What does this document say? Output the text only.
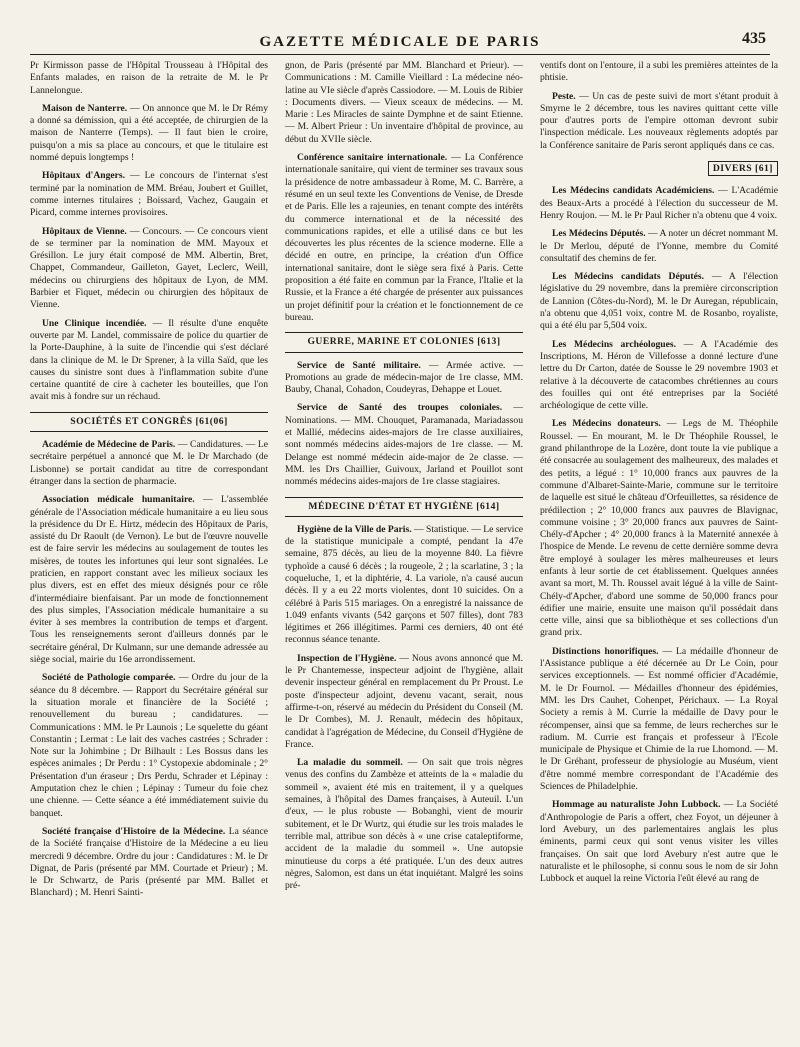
GAZETTE MÉDICALE DE PARIS	435

Pr Kirmisson passe de l'Hôpital Trousseau à l'Hôpital des Enfants malades, en raison de la retraite de M. le Pr Lannelongue.

Maison de Nanterre. — On annonce que M. le Dr Rémy a donné sa démission, qui a été acceptée, de chirurgien de la maison de Nanterre (Temps). — Il faut bien le croire, puisqu'on a mis sa place au concours, et que le titulaire est nommé depuis longtemps !

Hôpitaux d'Angers. — Le concours de l'internat s'est terminé par la nomination de MM. Bréau, Joubert et Guillet, comme internes titulaires ; Boissard, Vachez, Gaugain et Picard, comme internes provisoires.

Hôpitaux de Vienne. — Concours. — Ce concours vient de se terminer par la nomination de MM. Mayoux et Grésillon. Le jury était composé de MM. Albertin, Bret, Chappet, Commandeur, Gailleton, Gayet, Leclerc, Weill, médecins ou chirurgiens des hôpitaux de Lyon, de MM. Barbier et Fiquet, médecin ou chirurgien des hôpitaux de Vienne.

Une Clinique incendiée. — Il résulte d'une enquête ouverte par M. Landel, commissaire de police du quartier de la Porte-Dauphine, à la suite de l'incendie qui s'est déclaré dans la clinique de M. le Dr Sprener, à la villa Saïd, que les causes du sinistre sont dues à l'inflammation subite d'une certaine quantité de cire à cacheter les bouteilles, que l'on avait mis à fondre sur un réchaud.

SOCIÉTÉS ET CONGRÈS [61(06]

Académie de Médecine de Paris. — Candidatures. — Le secrétaire perpétuel a annoncé que M. le Dr Marchado (de Lisbonne) se portait candidat au titre de correspondant étranger dans la section de pharmacie.

Association médicale humanitaire. — L'assemblée générale de l'Association médicale humanitaire a eu lieu sous la présidence du Dr E. Hirtz, médecin des Hôpitaux de Paris, assisté du Dr Raoult (de Vernon). Le but de l'œuvre nouvelle est de faire servir les médecins au soulagement de toutes les misères, de toutes les infortunes qui leur sont signalées. Le praticien, en rapport constant avec les milieux sociaux les plus divers, est en effet des mieux désignés pour ce rôle d'intermédiaire bienfaisant. Par un mode de fonctionnement des plus simples, l'Association médicale humanitaire a su éviter à ses membres la contribution de temps et d'argent. Tous les renseignements seront d'ailleurs donnés par le secrétaire général, Dr Kulmann, sur une demande adressée au siège social, mairie du 16e arrondissement.

Société de Pathologie comparée. — Ordre du jour de la séance du 8 décembre. — Rapport du Secrétaire général sur la situation morale et financière de la Société ; renouvellement du bureau ; candidatures. — Communications : MM. le Pr Launois ; Le squelette du géant Constantin ; Lermat : Le lait des vaches castrées ; Schrader : Note sur la Johimbine ; Dr Bilhault : Les Bossus dans les espèces animales ; Dr Perdu : 1° Cystopexie abdominale ; 2° Présentation d'un éraseur ; Drs Perdu, Schrader et Lépinay : Amputation chez le chien ; Lépinay : Tumeur du foie chez une chienne. — Cette séance a été immédiatement suivie du banquet.

Société française d'Histoire de la Médecine. La séance de la Société française d'Histoire de la Médecine a eu lieu mercredi 9 décembre. Ordre du jour : Candidatures : M. le Dr Dignat, de Paris (présenté par MM. Courtade et Prieur) ; M. le Dr Schwartz, de Paris (présenté par MM. Ballet et Blanchard) ; M. Henri Sainti-

gnon, de Paris (présenté par MM. Blanchard et Prieur). — Communications : M. Camille Vieillard : La médecine néo-latine au VIe siècle d'après Cassiodore. — M. Louis de Ribier : Documents divers. — Vieux sceaux de médecins. — M. Marie : Les Miracles de sainte Dymphne et de saint Etienne. — M. Albert Prieur : Un inventaire d'hôpital de province, au début du XVIIe siècle.

Conférence sanitaire internationale. — La Conférence internationale sanitaire, qui vient de terminer ses travaux sous la présidence de notre ambassadeur à Rome, M. C. Barrère, a résumé en un seul texte les Conventions de Venise, de Dresde et de Paris. Elle les a rajeunies, en tenant compte des intérêts du commerce international et de la nécessité des communications rapides, et elle a utilisé dans ce but les découvertes les plus récentes de la science moderne. Elle a décidé en outre, en principe, la création d'un Office international sanitaire, dont le siège sera fixé à Paris. Cette proposition a été faite en commun par la France, l'Italie et la Russie, et la France a été chargée de présenter aux puissances un projet définitif pour la création et le fonctionnement de ce bureau.

GUERRE, MARINE ET COLONIES [613]

Service de Santé militaire. — Armée active. — Promotions au grade de médecin-major de 1re classe, MM. Bauby, Chanal, Cohadon, Coudeyras, Dehappe et Louet.

Service de Santé des troupes coloniales. — Nominations. — MM. Chouquet, Paramanada, Mariadassou et Mallié, médecins aides-majors de 1re classe auxiliaires, sont nommés médecins aides-majors de 1re classe. — M. Delange est nommé médecin aide-major de 2e classe. — MM. les Drs Chaillier, Guivoux, Jarland et Pouillot sont nommés médecins aides-majors de 1re classe stagiaires.

MÉDECINE D'ÉTAT ET HYGIÈNE [614]

Hygiène de la Ville de Paris. — Statistique. — Le service de la statistique municipale a compté, pendant la 47e semaine, 875 décès, au lieu de la moyenne 840. La fièvre typhoïde a causé 6 décès ; la rougeole, 2 ; la scarlatine, 3 ; la coqueluche, 1, et la diphtérie, 4. La variole, n'a causé aucun décès. Il y a eu 22 morts violentes, dont 10 suicides. On a célébré à Paris 515 mariages. On a enregistré la naissance de 1.049 enfants vivants (542 garçons et 507 filles), dont 783 légitimes et 266 illégitimes. Parmi ces derniers, 40 ont été reconnus séance tenante.

Inspection de l'Hygiène. — Nous avons annoncé que M. le Pr Chantemesse, inspecteur adjoint de l'hygiène, allait devenir inspecteur général en remplacement du Pr Proust. Le poste d'inspecteur adjoint, devenu vacant, serait, nous affirme-t-on, réservé au médecin du Président du Conseil (M. le Dr Combes), M. J. Renault, médecin des hôpitaux, candidat à l'agrégation de Médecine, du Conseil d'Hygiène de France.

La maladie du sommeil. — On sait que trois nègres venus des confins du Zambèze et atteints de la « maladie du sommeil », avaient été mis en traitement, il y a quelques semaines, à l'hôpital des Dames françaises, à Auteuil. L'un d'eux, — le plus robuste — Bobanghi, vient de mourir subitement, et le Dr Wurtz, qui étudie sur les trois malades le terrible mal, attribue son décès à « une crise cataleptiforme, accident de la maladie du sommeil ». Une autopsie minutieuse du corps a été pratiquée. L'un des deux autres nègres, Salomon, est dans un état inquiétant. Malgré les soins pré-

ventifs dont on l'entoure, il a subi les premières atteintes de la phtisie.

Peste. — Un cas de peste suivi de mort s'étant produit à Smyrne le 2 décembre, tous les navires quittant cette ville pour d'autres ports de l'empire ottoman devront subir l'inspection médicale. Les nouveaux règlements adoptés par la Conférence sanitaire de Paris seront appliqués dans ce cas.

DIVERS [61]

Les Médecins candidats Académiciens. — L'Académie des Beaux-Arts a procédé à l'élection du successeur de M. Henry Roujon. — M. le Pr Paul Richer n'a obtenu que 4 voix.

Les Médecins Députés. — A noter un décret nommant M. le Dr Merlou, député de l'Yonne, membre du Comité consultatif des chemins de fer.

Les Médecins candidats Députés. — A l'élection législative du 29 novembre, dans la première circonscription de Lannion (Côtes-du-Nord), M. le Dr Auregan, républicain, n'a obtenu que 4,051 voix, contre M. de Rosanbo, royaliste, qui a été élu par 5,504 voix.

Les Médecins archéologues. — A l'Académie des Inscriptions, M. Héron de Villefosse a donné lecture d'une lettre du Dr Carton, datée de Sousse le 29 novembre 1903 et relative à la découverte de catacombes chrétiennes au cours des fouilles qui ont été entreprises par la Société archéologique de cette ville.

Les Médecins donateurs. — Legs de M. Théophile Roussel. — En mourant, M. le Dr Théophile Roussel, le grand philanthrope de la Lozère, dont toute la vie publique a été consacrée au soulagement des malheureux, des malades et des petits, a légué : 1° 10,000 francs aux pauvres de la commune d'Albaret-Sainte-Marie, commune sur le territoire de laquelle est situé le château d'Orfeuillettes, sa résidence de prédilection ; 2° 10,000 francs aux pauvres de Blavignac, commune voisine ; 3° 20,000 francs aux pauvres de Saint-Chély-d'Apcher ; 4° 20,000 francs à la Maternité annexée à l'hospice de Mende. Le revenu de cette dernière somme devra être employé à soulager les mères malheureuses et leurs enfants à leur sortie de cet établissement. Quelques années avant sa mort, M. Th. Roussel avait légué à la ville de Saint-Chély-d'Apcher, d'abord une somme de 50,000 francs pour édifier une mairie, ensuite une maison qu'il possédait dans cette ville, ainsi que sa bibliothèque et ses collections d'un grand prix.

Distinctions honorifiques. — La médaille d'honneur de l'Assistance publique a été décernée au Dr Le Coin, pour services exceptionnels. — Est nommé officier d'Académie, M. le Dr Fournol. — Médailles d'honneur des épidémies, MM. les Drs Cauhet, Cohenpet, Périchaux. — La Royal Society a remis à M. Currie la médaille de Davy pour le récompenser, ainsi que sa femme, de leurs recherches sur le radium. M. Currie est français et professeur à l'Ecole municipale de Physique et Chimie de la rue Lhomond. — M. le Dr Gréhant, professeur de physiologie au Muséum, vient d'être nommé membre correspondant de l'Académie des Sciences de Philadelphie.

Hommage au naturaliste John Lubbock. — La Société d'Anthropologie de Paris a offert, chez Foyot, un déjeuner à lord Avebury, un des parlementaires anglais les plus éminents, parmi ceux qui sont venus visiter les villes françaises. On sait que lord Avebury n'est autre que le naturaliste et le philosophe, si connu sous le nom de sir John Lubbock et auquel la reine Victoria l'eût élevé au rang de
